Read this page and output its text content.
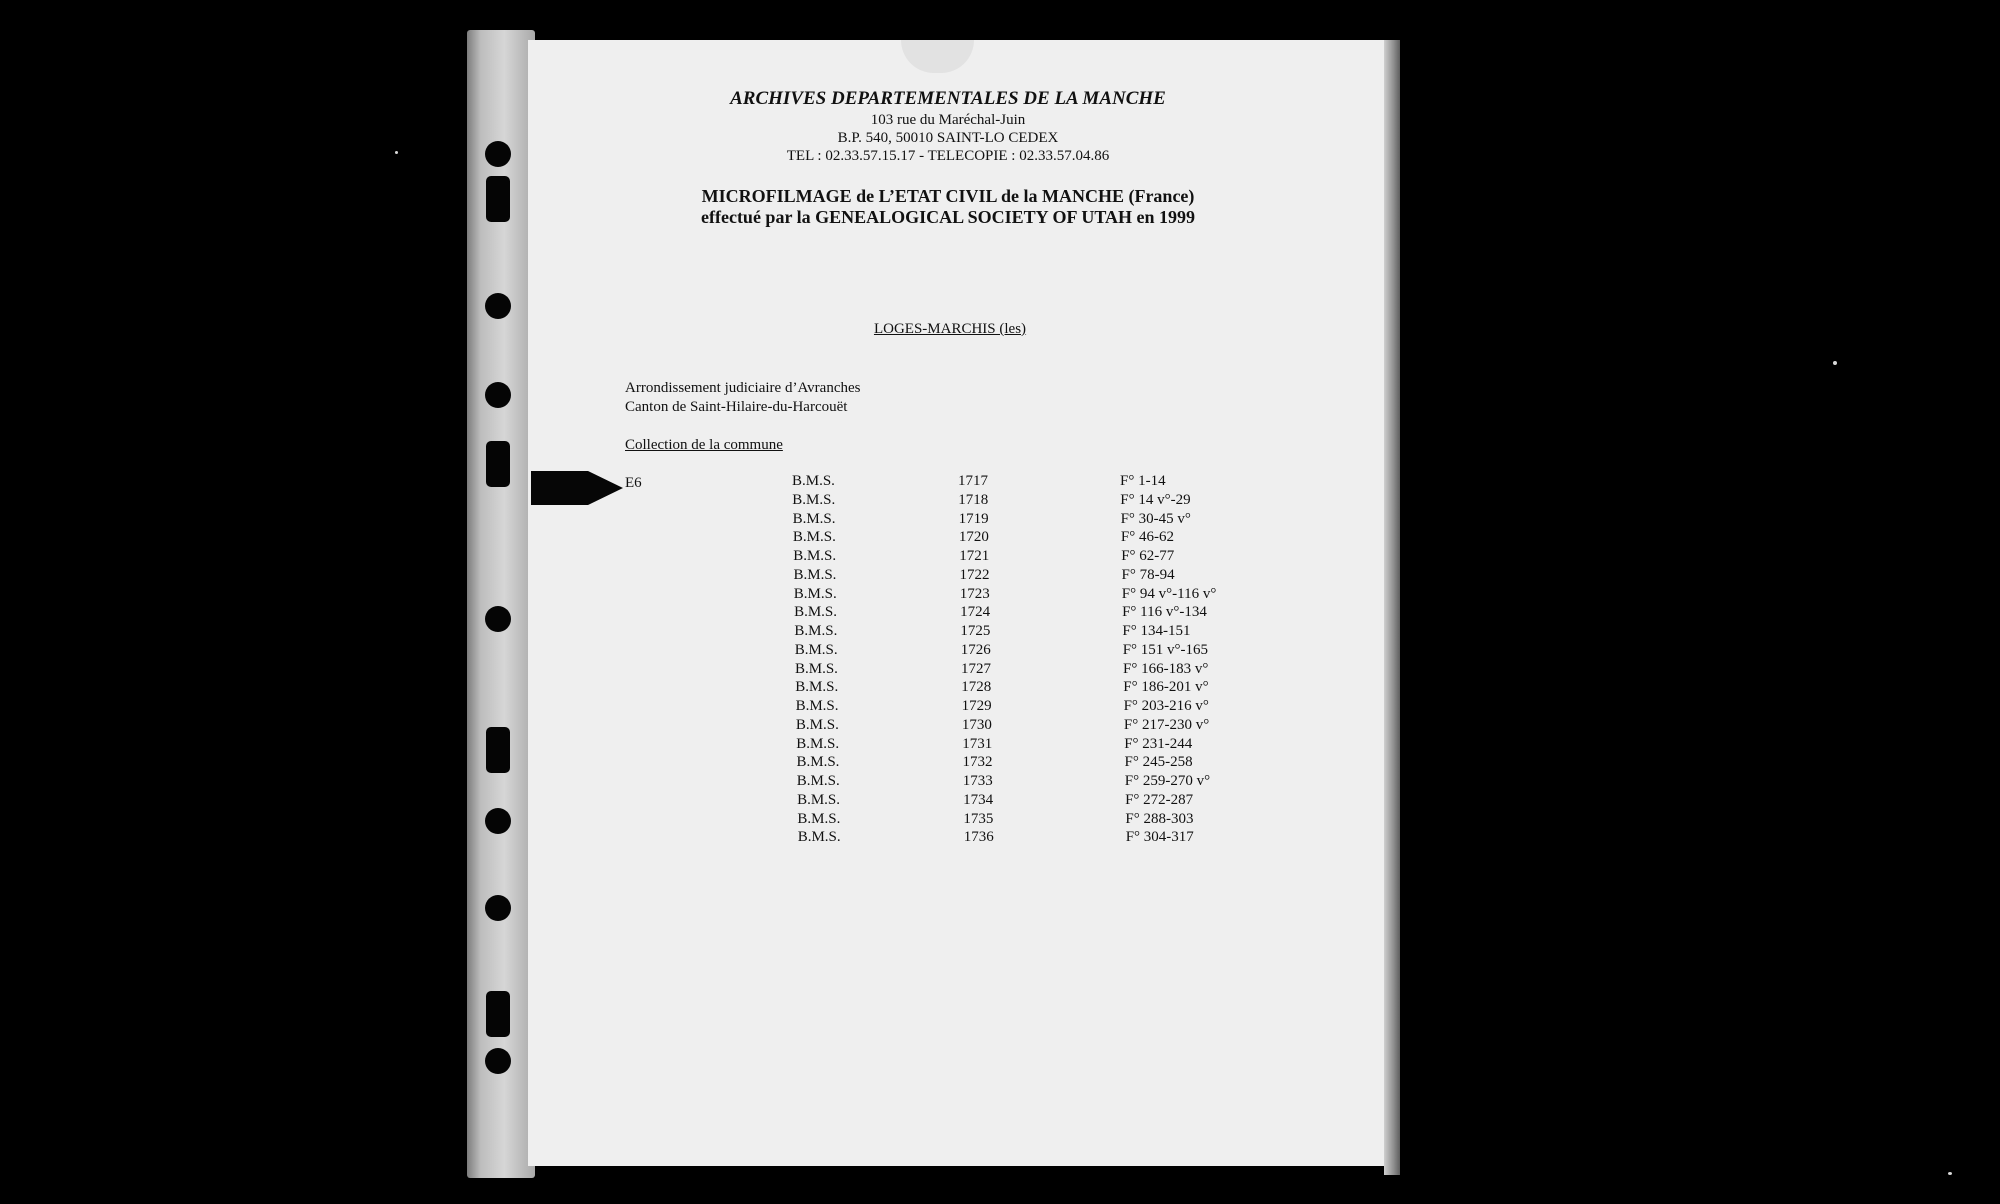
ARCHIVES DEPARTEMENTALES DE LA MANCHE
103 rue du Maréchal-Juin
B.P. 540, 50010 SAINT-LO CEDEX
TEL : 02.33.57.15.17 - TELECOPIE : 02.33.57.04.86
MICROFILMAGE de L’ETAT CIVIL de la MANCHE (France)
effectué par la GENEALOGICAL SOCIETY OF UTAH en 1999
LOGES-MARCHIS (les)
Arrondissement judiciaire d’Avranches
Canton de Saint-Hilaire-du-Harcouët
Collection de la commune
E6	B.M.S.	1717	F° 1-14
B.M.S.	1718	F° 14 v°-29
B.M.S.	1719	F° 30-45 v°
B.M.S.	1720	F° 46-62
B.M.S.	1721	F° 62-77
B.M.S.	1722	F° 78-94
B.M.S.	1723	F° 94 v°-116 v°
B.M.S.	1724	F° 116 v°-134
B.M.S.	1725	F° 134-151
B.M.S.	1726	F° 151 v°-165
B.M.S.	1727	F° 166-183 v°
B.M.S.	1728	F° 186-201 v°
B.M.S.	1729	F° 203-216 v°
B.M.S.	1730	F° 217-230 v°
B.M.S.	1731	F° 231-244
B.M.S.	1732	F° 245-258
B.M.S.	1733	F° 259-270 v°
B.M.S.	1734	F° 272-287
B.M.S.	1735	F° 288-303
B.M.S.	1736	F° 304-317
